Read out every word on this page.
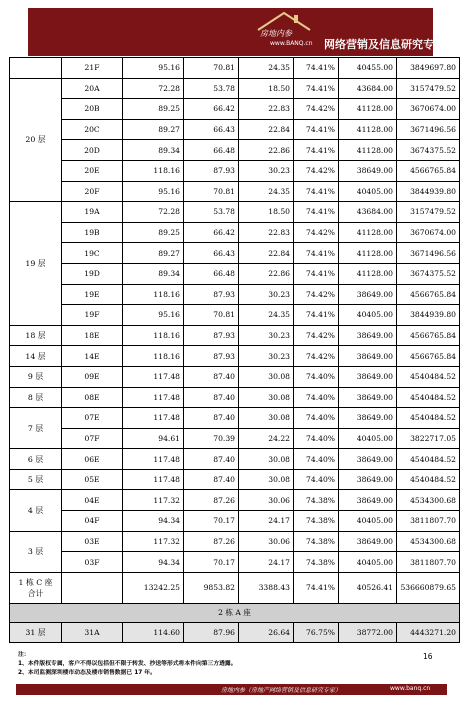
房地内参
www.BANQ.cn 网络营销及信息研究专家
	21F	95.16	70.81	24.35	74.41%	40455.00	3849697.80
20 层	20A	72.28	53.78	18.50	74.41%	43684.00	3157479.52
	20B	89.25	66.42	22.83	74.42%	41128.00	3670674.00
	20C	89.27	66.43	22.84	74.41%	41128.00	3671496.56
	20D	89.34	66.48	22.86	74.41%	41128.00	3674375.52
	20E	118.16	87.93	30.23	74.42%	38649.00	4566765.84
	20F	95.16	70.81	24.35	74.41%	40405.00	3844939.80
19 层	19A	72.28	53.78	18.50	74.41%	43684.00	3157479.52
	19B	89.25	66.42	22.83	74.42%	41128.00	3670674.00
	19C	89.27	66.43	22.84	74.41%	41128.00	3671496.56
	19D	89.34	66.48	22.86	74.41%	41128.00	3674375.52
	19E	118.16	87.93	30.23	74.42%	38649.00	4566765.84
	19F	95.16	70.81	24.35	74.41%	40405.00	3844939.80
18 层	18E	118.16	87.93	30.23	74.42%	38649.00	4566765.84
14 层	14E	118.16	87.93	30.23	74.42%	38649.00	4566765.84
9 层	09E	117.48	87.40	30.08	74.40%	38649.00	4540484.52
8 层	08E	117.48	87.40	30.08	74.40%	38649.00	4540484.52
7 层	07E	117.48	87.40	30.08	74.40%	38649.00	4540484.52
	07F	94.61	70.39	24.22	74.40%	40405.00	3822717.05
6 层	06E	117.48	87.40	30.08	74.40%	38649.00	4540484.52
5 层	05E	117.48	87.40	30.08	74.40%	38649.00	4540484.52
4 层	04E	117.32	87.26	30.06	74.38%	38649.00	4534300.68
	04F	94.34	70.17	24.17	74.38%	40405.00	3811807.70
3 层	03E	117.32	87.26	30.06	74.38%	38649.00	4534300.68
	03F	94.34	70.17	24.17	74.38%	40405.00	3811807.70

1 栋 C 座
合计		13242.25	9853.82	3388.43	74.41%	40526.41	536660879.65
2 栋 A 座							
31 层	31A	114.60	87.96	26.64	76.75%	38772.00	4443271.20
注：
1、本件版权专属，客户不得以包括但不限于转发、抄送等形式将本件向第三方透露。
2、本司监测深圳楼市动态及楼市销售数据已 17 年。
16
房地内参（房地产网络营销及信息研究专家）	www.banq.cn
